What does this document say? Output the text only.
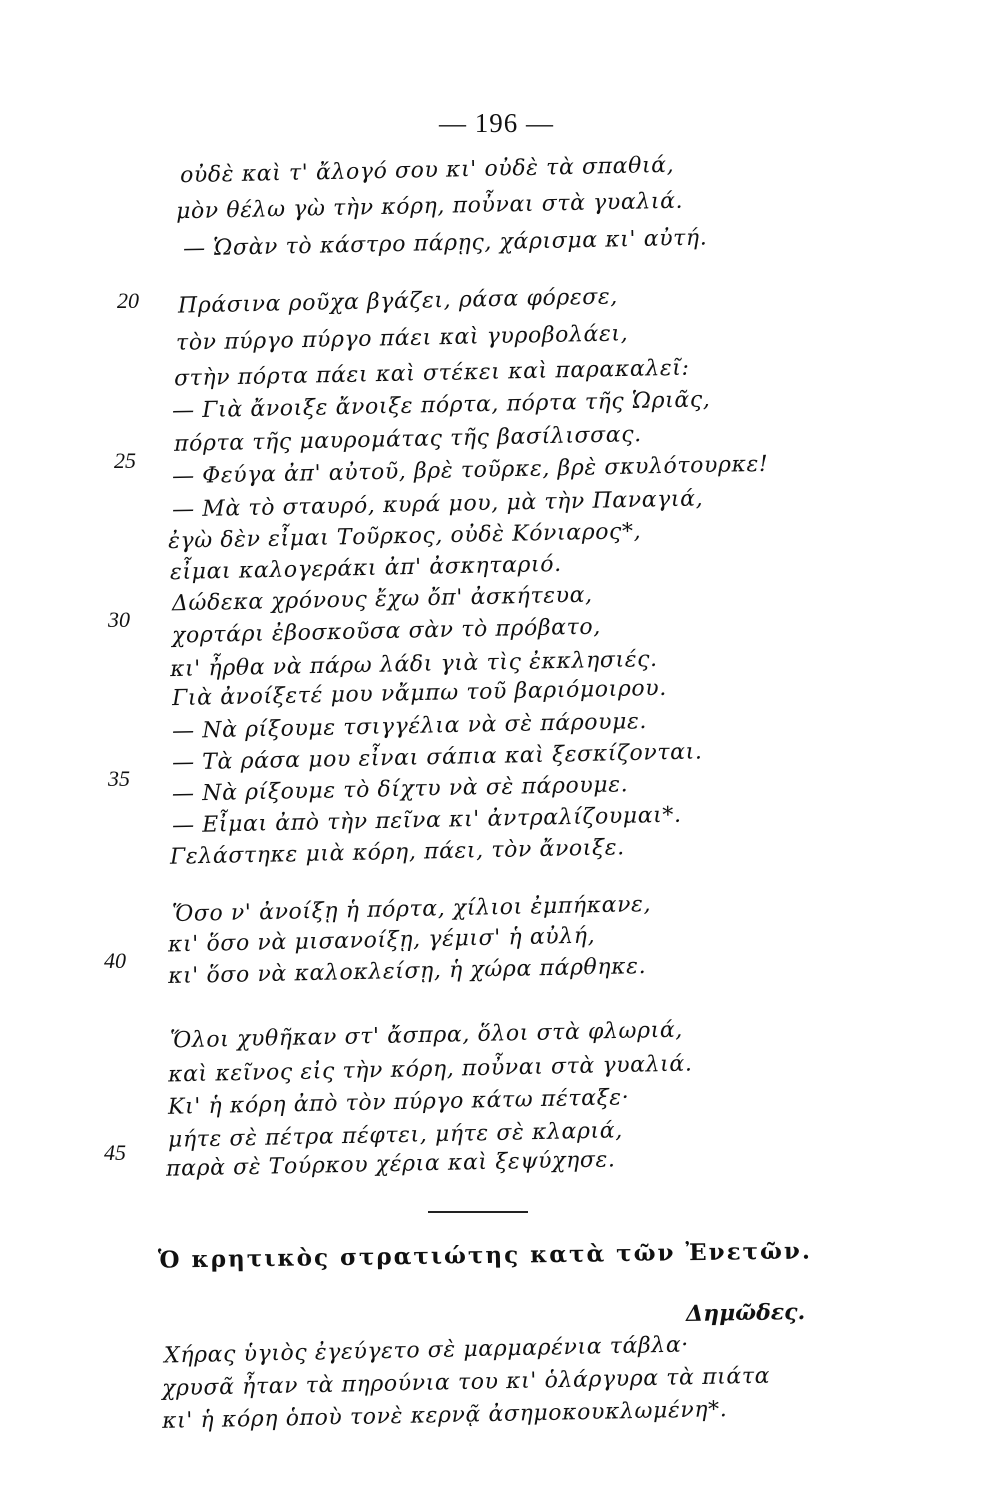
— 196 —
οὐδὲ καὶ τ' ἄλογό σου κι' οὐδὲ τὰ σπαθιά,
μὸν θέλω γὼ τὴν κόρη, ποὖναι στὰ γυαλιά.
— Ὡσὰν τὸ κάστρο πάρῃς, χάρισμα κι' αὐτή.
Πράσινα ροῦχα βγάζει, ράσα φόρεσε,
τὸν πύργο πύργο πάει καὶ γυροβολάει,
στὴν πόρτα πάει καὶ στέκει καὶ παρακαλεῖ:
— Γιὰ ἄνοιξε ἄνοιξε πόρτα, πόρτα τῆς Ὡριᾶς,
πόρτα τῆς μαυρομάτας τῆς βασίλισσας.
— Φεύγα ἀπ' αὐτοῦ, βρὲ τοῦρκε, βρὲ σκυλότουρκε!
— Μὰ τὸ σταυρό, κυρά μου, μὰ τὴν Παναγιά,
ἐγὼ δὲν εἶμαι Τοῦρκος, οὐδὲ Κόνιαρος*,
εἶμαι καλογεράκι ἀπ' ἀσκηταριό.
Δώδεκα χρόνους ἔχω ὄπ' ἀσκήτευα,
χορτάρι ἐβοσκοῦσα σὰν τὸ πρόβατο,
κι' ἦρθα νὰ πάρω λάδι γιὰ τὶς ἐκκλησιές.
Γιὰ ἀνοίξετέ μου νἄμπω τοῦ βαριόμοιρου.
— Νὰ ρίξουμε τσιγγέλια νὰ σὲ πάρουμε.
— Τὰ ράσα μου εἶναι σάπια καὶ ξεσκίζονται.
— Νὰ ρίξουμε τὸ δίχτυ νὰ σὲ πάρουμε.
— Εἶμαι ἀπὸ τὴν πεῖνα κι' ἀντραλίζουμαι*.
Γελάστηκε μιὰ κόρη, πάει, τὸν ἄνοιξε.
Ὅσο ν' ἀνοίξῃ ἡ πόρτα, χίλιοι ἐμπήκανε,
κι' ὅσο νὰ μισανοίξῃ, γέμισ' ἡ αὐλή,
κι' ὅσο νὰ καλοκλείσῃ, ἡ χώρα πάρθηκε.
Ὅλοι χυθῆκαν στ' ἄσπρα, ὅλοι στὰ φλωριά,
καὶ κεῖνος εἰς τὴν κόρη, ποὖναι στὰ γυαλιά.
Κι' ἡ κόρη ἀπὸ τὸν πύργο κάτω πέταξε·
μήτε σὲ πέτρα πέφτει, μήτε σὲ κλαριά,
παρὰ σὲ Τούρκου χέρια καὶ ξεψύχησε.
20
25
30
35
40
45
Ὁ κρητικὸς στρατιώτης κατὰ τῶν Ἐνετῶν.
Δημῶδες.
Χήρας ὑγιὸς ἐγεύγετο σὲ μαρμαρένια τάβλα·
χρυσᾶ ἦταν τὰ πηρούνια του κι' ὁλάργυρα τὰ πιάτα
κι' ἡ κόρη ὁποὺ τονὲ κερνᾷ ἀσημοκουκλωμένη*.
